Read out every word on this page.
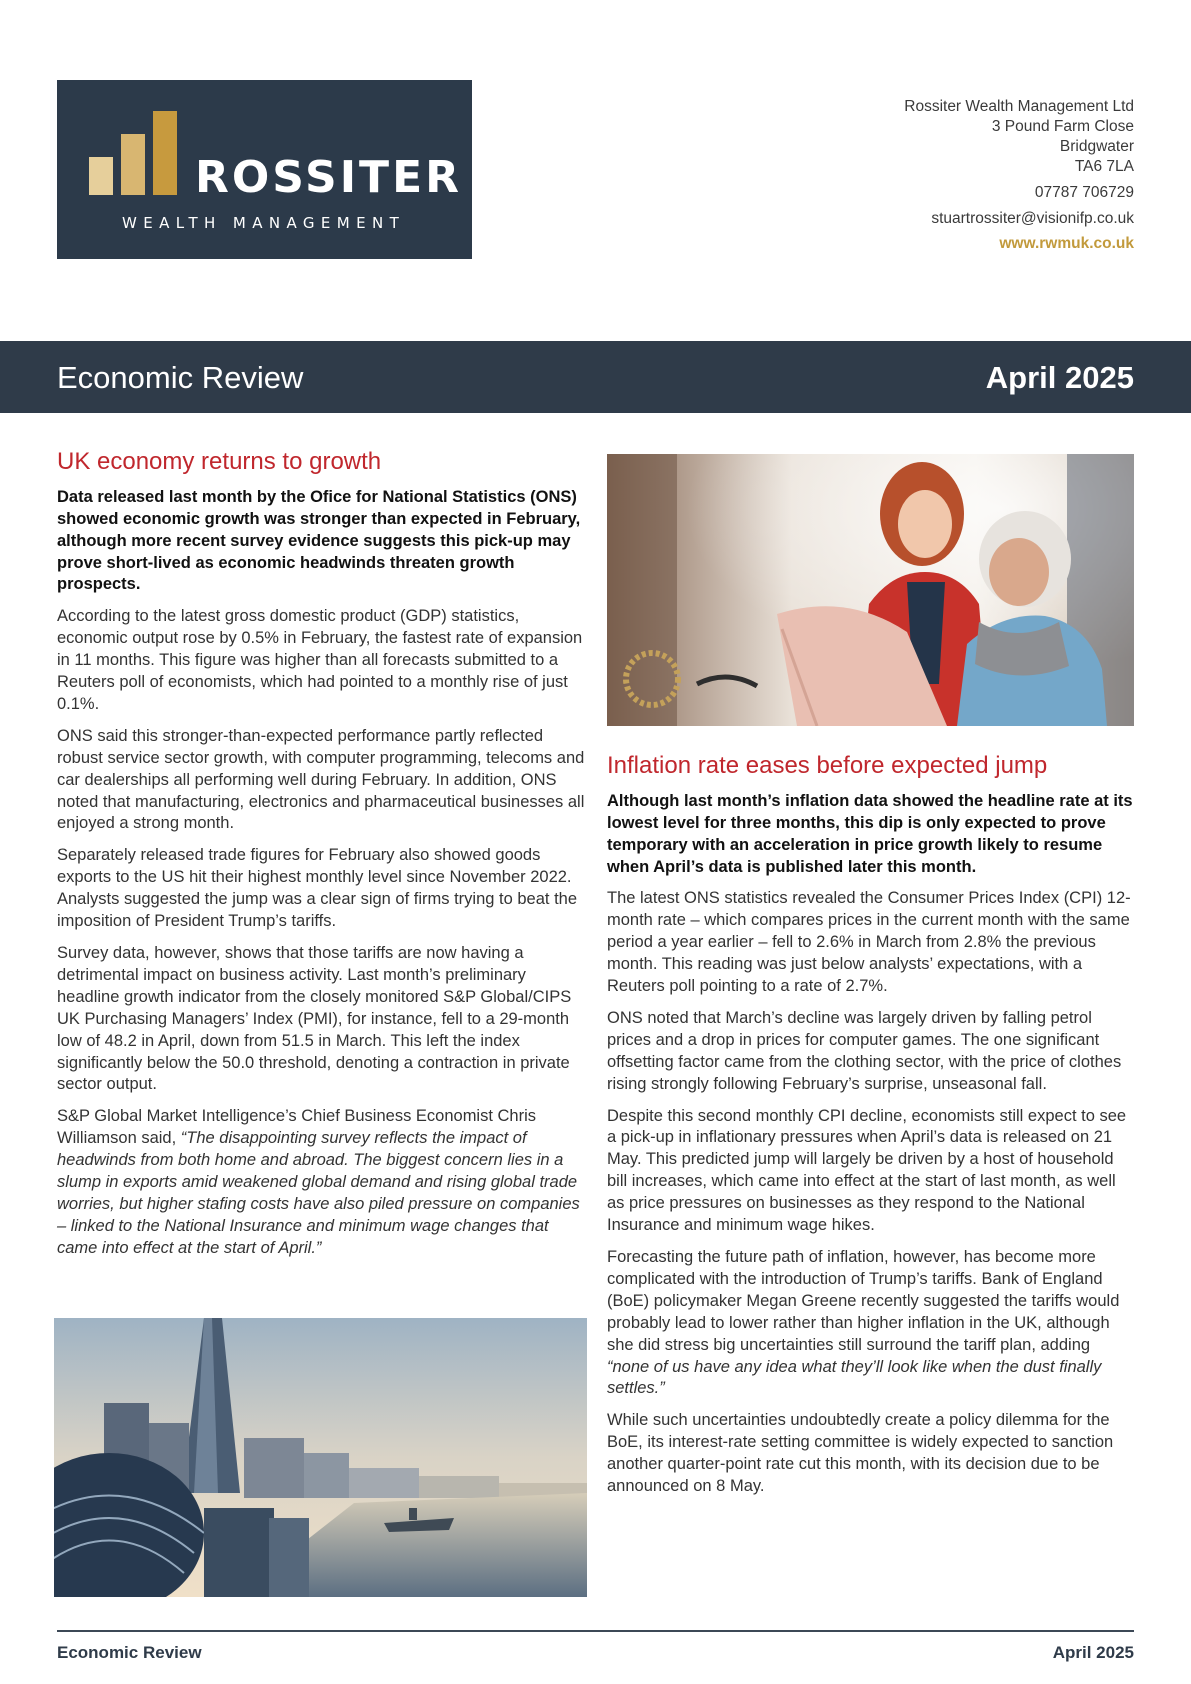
ROSSITER
WEALTH MANAGEMENT
Rossiter Wealth Management Ltd
3 Pound Farm Close
Bridgwater
TA6 7LA
07787 706729
stuartrossiter@visionifp.co.uk
www.rwmuk.co.uk
Economic Review	April 2025
UK economy returns to growth

Data released last month by the Ofice for National Statistics (ONS) showed economic growth was stronger than expected in February, although more recent survey evidence suggests this pick-up may prove short-lived as economic headwinds threaten growth prospects.

According to the latest gross domestic product (GDP) statistics, economic output rose by 0.5% in February, the fastest rate of expansion in 11 months. This figure was higher than all forecasts submitted to a Reuters poll of economists, which had pointed to a monthly rise of just 0.1%.

ONS said this stronger-than-expected performance partly reflected robust service sector growth, with computer programming, telecoms and car dealerships all performing well during February. In addition, ONS noted that manufacturing, electronics and pharmaceutical businesses all enjoyed a strong month.

Separately released trade figures for February also showed goods exports to the US hit their highest monthly level since November 2022. Analysts suggested the jump was a clear sign of firms trying to beat the imposition of President Trump’s tariffs.

Survey data, however, shows that those tariffs are now having a detrimental impact on business activity. Last month’s preliminary headline growth indicator from the closely monitored S&P Global/CIPS UK Purchasing Managers’ Index (PMI), for instance, fell to a 29-month low of 48.2 in April, down from 51.5 in March. This left the index significantly below the 50.0 threshold, denoting a contraction in private sector output.

S&P Global Market Intelligence’s Chief Business Economist Chris Williamson said, “The disappointing survey reflects the impact of headwinds from both home and abroad. The biggest concern lies in a slump in exports amid weakened global demand and rising global trade worries, but higher stafing costs have also piled pressure on companies – linked to the National Insurance and minimum wage changes that came into effect at the start of April.”

Inflation rate eases before expected jump

Although last month’s inflation data showed the headline rate at its lowest level for three months, this dip is only expected to prove temporary with an acceleration in price growth likely to resume when April’s data is published later this month.

The latest ONS statistics revealed the Consumer Prices Index (CPI) 12-month rate – which compares prices in the current month with the same period a year earlier – fell to 2.6% in March from 2.8% the previous month. This reading was just below analysts’ expectations, with a Reuters poll pointing to a rate of 2.7%.

ONS noted that March’s decline was largely driven by falling petrol prices and a drop in prices for computer games. The one significant offsetting factor came from the clothing sector, with the price of clothes rising strongly following February’s surprise, unseasonal fall.

Despite this second monthly CPI decline, economists still expect to see a pick-up in inflationary pressures when April’s data is released on 21 May. This predicted jump will largely be driven by a host of household bill increases, which came into effect at the start of last month, as well as price pressures on businesses as they respond to the National Insurance and minimum wage hikes.

Forecasting the future path of inflation, however, has become more complicated with the introduction of Trump’s tariffs. Bank of England (BoE) policymaker Megan Greene recently suggested the tariffs would probably lead to lower rather than higher inflation in the UK, although she did stress big uncertainties still surround the tariff plan, adding “none of us have any idea what they’ll look like when the dust finally settles.”

While such uncertainties undoubtedly create a policy dilemma for the BoE, its interest-rate setting committee is widely expected to sanction another quarter-point rate cut this month, with its decision due to be announced on 8 May.

Economic Review	April 2025
